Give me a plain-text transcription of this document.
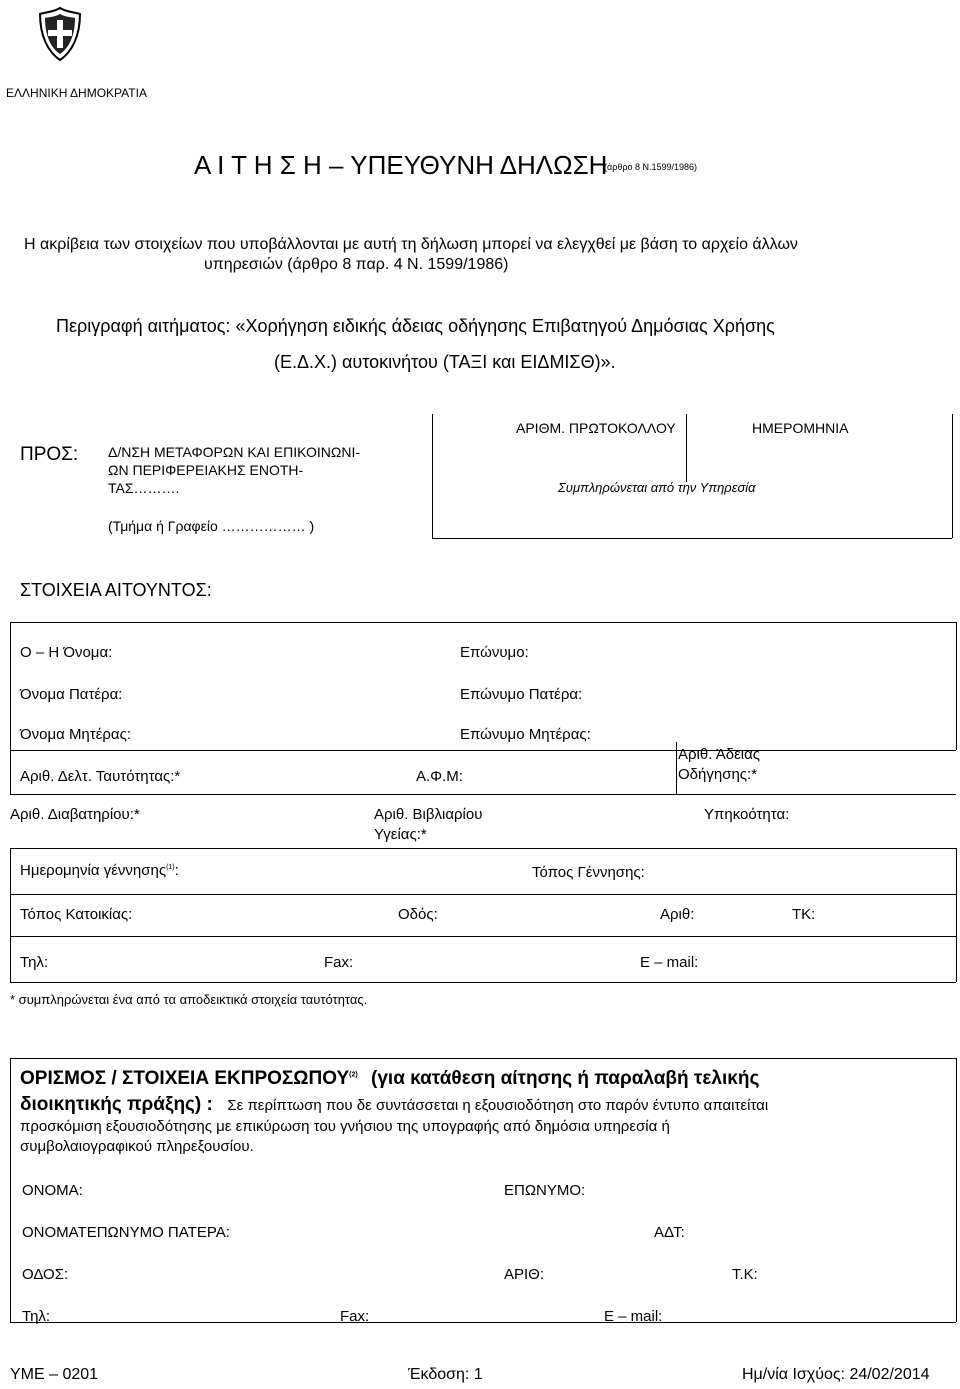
ΕΛΛΗΝΙΚΗ ΔΗΜΟΚΡΑΤΙΑ
Α Ι Τ Η Σ Η – ΥΠΕΥΘΥΝΗ ΔΗΛΩΣΗ
(άρθρο 8 Ν.1599/1986)
Η ακρίβεια των στοιχείων που υποβάλλονται με αυτή τη δήλωση μπορεί να ελεγχθεί με βάση το αρχείο άλλων
υπηρεσιών (άρθρο 8 παρ. 4 Ν. 1599/1986)
Περιγραφή αιτήματος: «Χορήγηση ειδικής άδειας οδήγησης Επιβατηγού Δημόσιας Χρήσης
(Ε.Δ.Χ.) αυτοκινήτου (ΤΑΞΙ και ΕΙΔΜΙΣΘ)».
ΠΡΟΣ: Δ/ΝΣΗ ΜΕΤΑΦΟΡΩΝ ΚΑΙ ΕΠΙΚΟΙΝΩΝΙ-
ΩΝ ΠΕΡΙΦΕΡΕΙΑΚΗΣ ΕΝΟΤΗ-
ΤΑΣ……….
ΑΡΙΘΜ. ΠΡΩΤΟΚΟΛΛΟΥ	ΗΜΕΡΟΜΗΝΙΑ
Συμπληρώνεται από την Υπηρεσία
(Τμήμα ή Γραφείο ……………… )
ΣΤΟΙΧΕΙΑ ΑΙΤΟΥΝΤΟΣ:
Ο – Η Όνομα:	Επώνυμο:
Όνομα Πατέρα:	Επώνυμο Πατέρα:
Όνομα Μητέρας:	Επώνυμο Μητέρας:
Αριθ. Δελτ. Ταυτότητας:*	Α.Φ.Μ:
Αριθ. Άδειας
Οδήγησης:*
Αριθ. Διαβατηρίου:*	Αριθ. Βιβλιαρίου
Υγείας:*
Υπηκοότητα:
Ημερομηνία γέννησης$^{(1)}$:	Τόπος Γέννησης:
Τόπος Κατοικίας:	Οδός:	Αριθ:	ΤΚ:
Τηλ:	Fax:	E – mail:
* συμπληρώνεται ένα από τα αποδεικτικά στοιχεία ταυτότητας.
ΟΡΙΣΜΟΣ / ΣΤΟΙΧΕΙΑ ΕΚΠΡΟΣΩΠΟΥ$^{(2)}$ (για κατάθεση αίτησης ή παραλαβή τελικής
διοικητικής πράξης) : Σε περίπτωση που δε συντάσσεται η εξουσιοδότηση στο παρόν έντυπο απαιτείται
προσκόμιση εξουσιοδότησης με επικύρωση του γνήσιου της υπογραφής από δημόσια υπηρεσία ή
συμβολαιογραφικού πληρεξουσίου.
ΟΝΟΜΑ:	ΕΠΩΝΥΜΟ:
ΟΝΟΜΑΤΕΠΩΝΥΜΟ ΠΑΤΕΡΑ:	ΑΔΤ:
ΟΔΟΣ:	ΑΡΙΘ:	Τ.Κ:
Τηλ:	Fax:	E – mail:
ΥΜΕ – 0201	Έκδοση: 1	Ημ/νία Ισχύος: 24/02/2014
